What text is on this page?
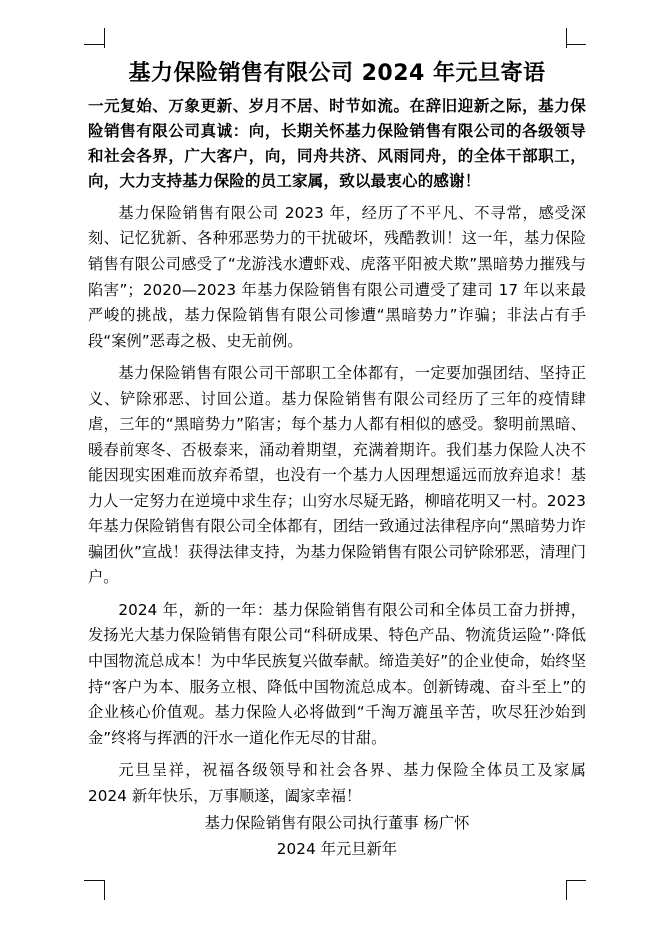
基力保险销售有限公司 2024 年元旦寄语
一元复始、万象更新、岁月不居、时节如流。在辞旧迎新之际，基力保险销售有限公司真诚：向，长期关怀基力保险销售有限公司的各级领导和社会各界，广大客户，向，同舟共济、风雨同舟，的全体干部职工，向，大力支持基力保险的员工家属，致以最衷心的感谢！
基力保险销售有限公司 2023 年，经历了不平凡、不寻常，感受深刻、记忆犹新、各种邪恶势力的干扰破坏，残酷教训！这一年，基力保险销售有限公司感受了“龙游浅水遭虾戏、虎落平阳被犬欺”黑暗势力摧残与陷害”；2020—2023 年基力保险销售有限公司遭受了建司 17 年以来最严峻的挑战，基力保险销售有限公司惨遭“黑暗势力”诈骗；非法占有手段“案例”恶毒之极、史无前例。
基力保险销售有限公司干部职工全体都有，一定要加强团结、坚持正义、铲除邪恶、讨回公道。基力保险销售有限公司经历了三年的疫情肆虐，三年的“黑暗势力”陷害；每个基力人都有相似的感受。黎明前黑暗、暖春前寒冬、否极泰来，涌动着期望，充满着期许。我们基力保险人决不能因现实困难而放弃希望，也没有一个基力人因理想遥远而放弃追求！基力人一定努力在逆境中求生存；山穷水尽疑无路，柳暗花明又一村。2023 年基力保险销售有限公司全体都有，团结一致通过法律程序向“黑暗势力诈骗团伙”宣战！获得法律支持，为基力保险销售有限公司铲除邪恶，清理门户。
2024 年，新的一年：基力保险销售有限公司和全体员工奋力拼搏，发扬光大基力保险销售有限公司“科研成果、特色产品、物流货运险”·降低中国物流总成本！为中华民族复兴做奉献。缔造美好”的企业使命，始终坚持“客户为本、服务立根、降低中国物流总成本。创新铸魂、奋斗至上”的企业核心价值观。基力保险人必将做到“千淘万漉虽辛苦，吹尽狂沙始到金”终将与挥洒的汗水一道化作无尽的甘甜。
元旦呈祥，祝福各级领导和社会各界、基力保险全体员工及家属 2024 新年快乐，万事顺遂，阖家幸福！
基力保险销售有限公司执行董事 杨广怀
2024 年元旦新年
